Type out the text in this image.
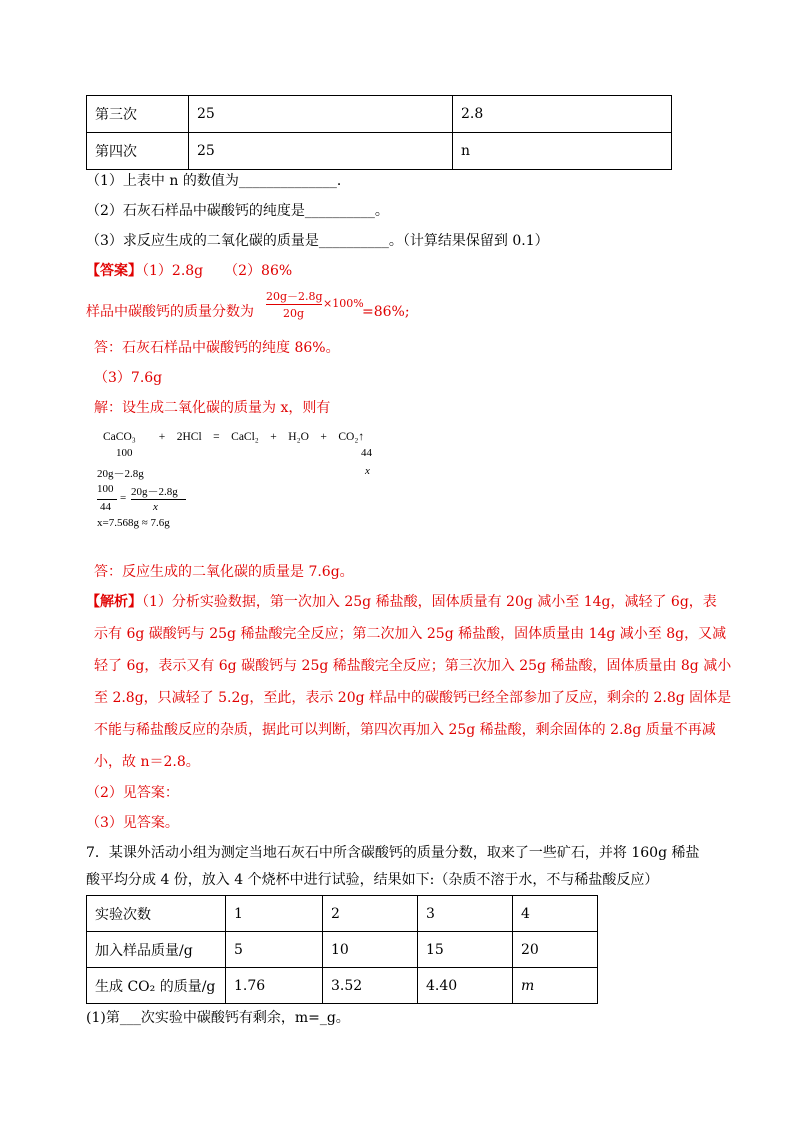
第三次	25	2.8
第四次	25	n
（1）上表中 n 的数值为______________．
（2）石灰石样品中碳酸钙的纯度是__________。
（3）求反应生成的二氧化碳的质量是__________。（计算结果保留到 0.1）
【答案】（1）2.8g　　（2）86%
样品中碳酸钙的质量分数为
20g－2.8g
20g
×100%
=86%;
答：石灰石样品中碳酸钙的纯度 86%。
（3）7.6g
解：设生成二氧化碳的质量为 x，则有
CaCO₃　　+　2HCl　=　CaCl₂　+　H₂O　+　CO₂↑
100	44
20g－2.8g	x
100
44
= 20g－2.8g
x
x=7.568g ≈ 7.6g
答：反应生成的二氧化碳的质量是 7.6g。
【解析】（1）分析实验数据，第一次加入 25g 稀盐酸，固体质量有 20g 减小至 14g，减轻了 6g，表
示有 6g 碳酸钙与 25g 稀盐酸完全反应；第二次加入 25g 稀盐酸，固体质量由 14g 减小至 8g，又减
轻了 6g，表示又有 6g 碳酸钙与 25g 稀盐酸完全反应；第三次加入 25g 稀盐酸，固体质量由 8g 减小
至 2.8g，只减轻了 5.2g，至此，表示 20g 样品中的碳酸钙已经全部参加了反应，剩余的 2.8g 固体是
不能与稀盐酸反应的杂质，据此可以判断，第四次再加入 25g 稀盐酸，剩余固体的 2.8g 质量不再减
小，故 n＝2.8。
（2）见答案：
（3）见答案。
7．某课外活动小组为测定当地石灰石中所含碳酸钙的质量分数，取来了一些矿石，并将 160g 稀盐
酸平均分成 4 份，放入 4 个烧杯中进行试验，结果如下:（杂质不溶于水，不与稀盐酸反应）
实验次数	1	2	3	4
加入样品质量/g	5	10	15	20
生成 CO₂ 的质量/g	1.76	3.52	4.40	m
(1)第___次实验中碳酸钙有剩余，m=_g。
